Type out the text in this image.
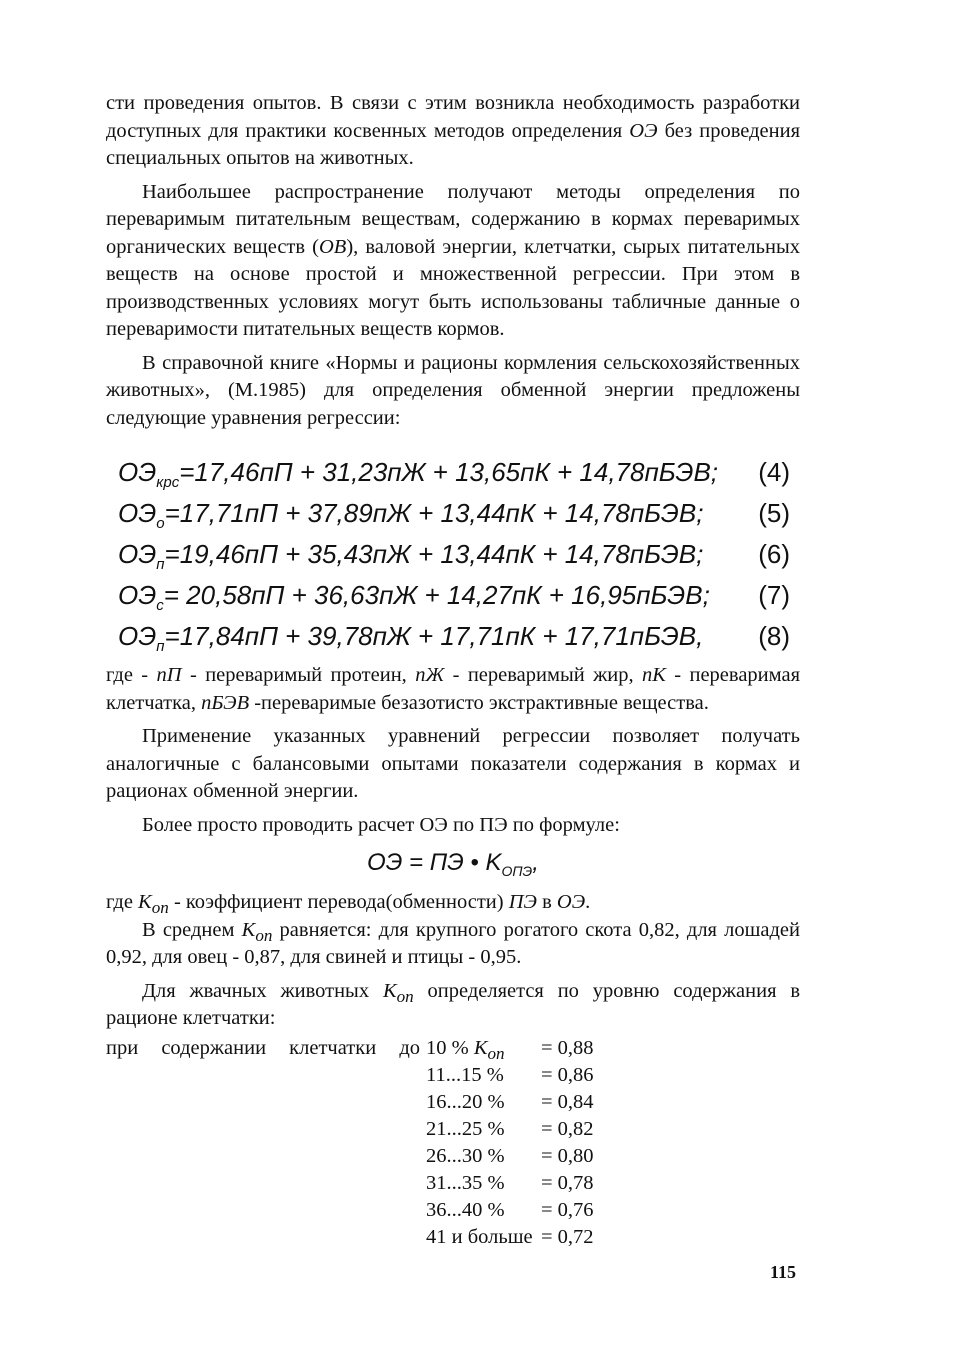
сти проведения опытов. В связи с этим возникла необходимость разработки доступных для практики косвенных методов определения ОЭ без проведения специальных опытов на животных.

Наибольшее распространение получают методы определения по переваримым питательным веществам, содержанию в кормах переваримых органических веществ (ОВ), валовой энергии, клетчатки, сырых питательных веществ на основе простой и множественной регрессии. При этом в производственных условиях могут быть использованы табличные данные о переваримости питательных веществ кормов.

В справочной книге «Нормы и рационы кормления сельскохозяйственных животных», (М.1985) для определения обменной энергии предложены следующие уравнения регрессии:

$ОЭ_{крс}=17,46пП + 31,23пЖ + 13,65пК$ + 14,78пБЭВ; (4)
$ОЭ_о=17,71пП + 37,89пЖ + 13,44пК$ + 14,78пБЭВ; (5)
$ОЭ_п=19,46пП + 35,43пЖ + 13,44пК$ + 14,78пБЭВ; (6)
$ОЭ_с= 20,58пП + 36,63пЖ + 14,27пК$ + 16,95пБЭВ; (7)
$ОЭ_п=17,84пП + 39,78пЖ + 17,71пК$ + 17,71пБЭВ, (8)

где - пП - переваримый протеин, пЖ - переваримый жир, пК - переваримая клетчатка, пБЭВ -переваримые безазотисто экстрактивные вещества.

Применение указанных уравнений регрессии позволяет получать аналогичные с балансовыми опытами показатели содержания в кормах и рационах обменной энергии.

Более просто проводить расчет ОЭ по ПЭ по формуле:

ОЭ = ПЭ • $K_{ОПЭ}$,

где $K_{оп}$ - коэффициент перевода(обменности) ПЭ в ОЭ.

В среднем $K_{оп}$ равняется: для крупного рогатого скота 0,82, для лошадей 0,92, для овец - 0,87, для свиней и птицы - 0,95.

Для жвачных животных $K_{оп}$ определяется по уровню содержания в рационе клетчатки:

при содержании клетчатки до 10 % $K_{оп}$	= 0,88
11...15 %	= 0,86
16...20 %	= 0,84
21...25 %	= 0,82
26...30 %	= 0,80
31...35 %	= 0,78
36...40 %	= 0,76
41 и больше = 0,72
115
